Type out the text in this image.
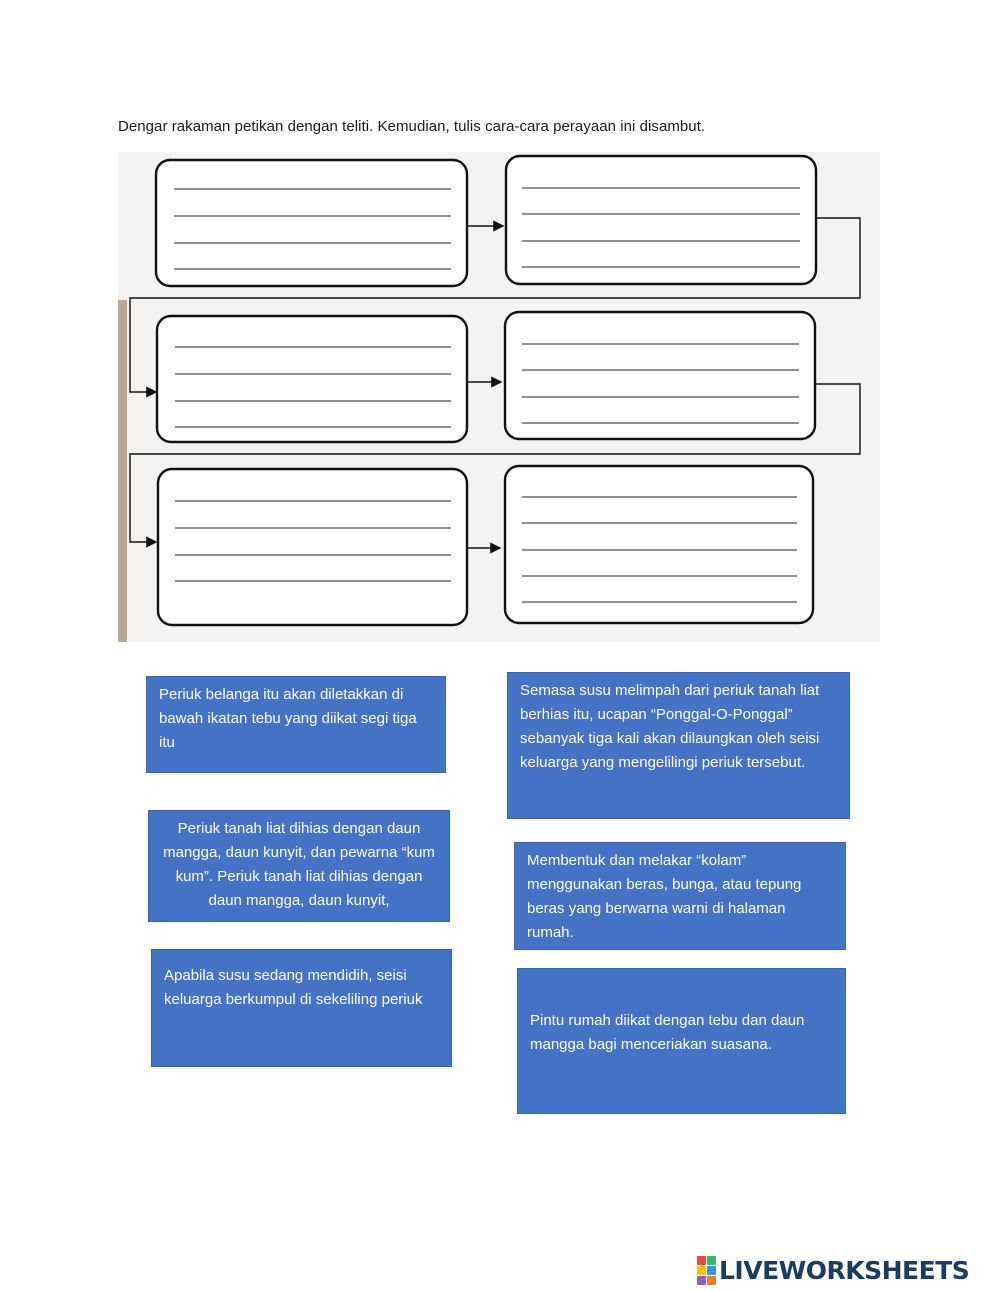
Dengar rakaman petikan dengan teliti. Kemudian, tulis cara-cara perayaan ini disambut.
Periuk belanga itu akan diletakkan di bawah ikatan tebu yang diikat segi tiga itu
Semasa susu melimpah dari periuk tanah liat berhias itu, ucapan “Ponggal-O-Ponggal” sebanyak tiga kali akan dilaungkan oleh seisi keluarga yang mengelilingi periuk tersebut.
Periuk tanah liat dihias dengan daun mangga, daun kunyit, dan pewarna “kum kum”. Periuk tanah liat dihias dengan daun mangga, daun kunyit,
Membentuk dan melakar “kolam” menggunakan beras, bunga, atau tepung beras yang berwarna warni di halaman rumah.
Apabila susu sedang mendidih, seisi keluarga berkumpul di sekeliling periuk
Pintu rumah diikat dengan tebu dan daun mangga bagi menceriakan suasana.
LIVEWORKSHEETS
